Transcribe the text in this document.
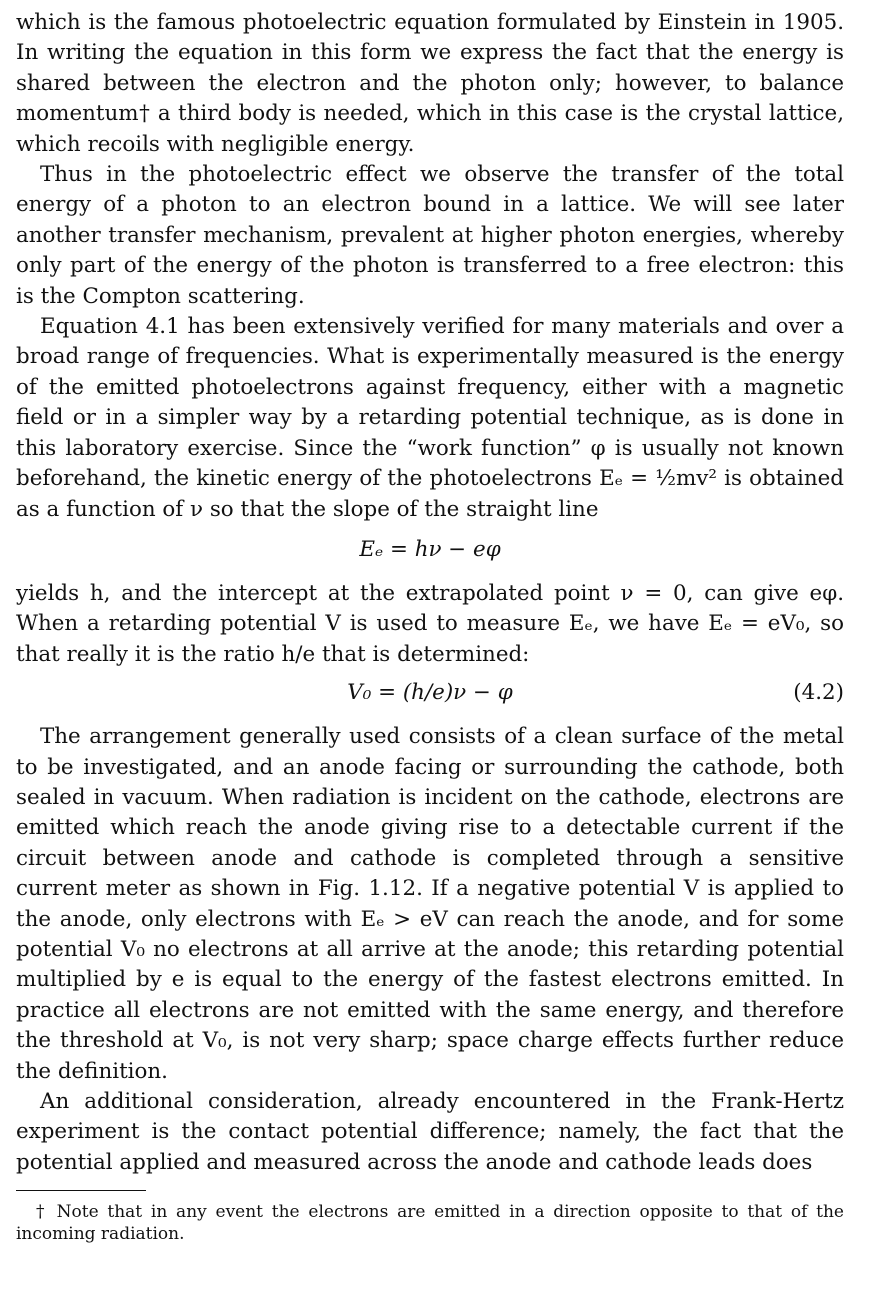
which is the famous photoelectric equation formulated by Einstein in 1905. In writing the equation in this form we express the fact that the energy is shared between the electron and the photon only; however, to balance momentum† a third body is needed, which in this case is the crystal lattice, which recoils with negligible energy.

Thus in the photoelectric effect we observe the transfer of the total energy of a photon to an electron bound in a lattice. We will see later another transfer mechanism, prevalent at higher photon energies, whereby only part of the energy of the photon is transferred to a free electron: this is the Compton scattering.

Equation 4.1 has been extensively verified for many materials and over a broad range of frequencies. What is experimentally measured is the energy of the emitted photoelectrons against frequency, either with a magnetic field or in a simpler way by a retarding potential technique, as is done in this laboratory exercise. Since the “work function” φ is usually not known beforehand, the kinetic energy of the photoelectrons Eₑ = ½mv² is obtained as a function of ν so that the slope of the straight line

Eₑ = hν − eφ

yields h, and the intercept at the extrapolated point ν = 0, can give eφ. When a retarding potential V is used to measure Eₑ, we have Eₑ = eV₀, so that really it is the ratio h/e that is determined:

V₀ = (h/e)ν − φ	(4.2)

The arrangement generally used consists of a clean surface of the metal to be investigated, and an anode facing or surrounding the cathode, both sealed in vacuum. When radiation is incident on the cathode, electrons are emitted which reach the anode giving rise to a detectable current if the circuit between anode and cathode is completed through a sensitive current meter as shown in Fig. 1.12. If a negative potential V is applied to the anode, only electrons with Eₑ > eV can reach the anode, and for some potential V₀ no electrons at all arrive at the anode; this retarding potential multiplied by e is equal to the energy of the fastest electrons emitted. In practice all electrons are not emitted with the same energy, and therefore the threshold at V₀, is not very sharp; space charge effects further reduce the definition.

An additional consideration, already encountered in the Frank-Hertz experiment is the contact potential difference; namely, the fact that the potential applied and measured across the anode and cathode leads does

† Note that in any event the electrons are emitted in a direction opposite to that of the incoming radiation.
